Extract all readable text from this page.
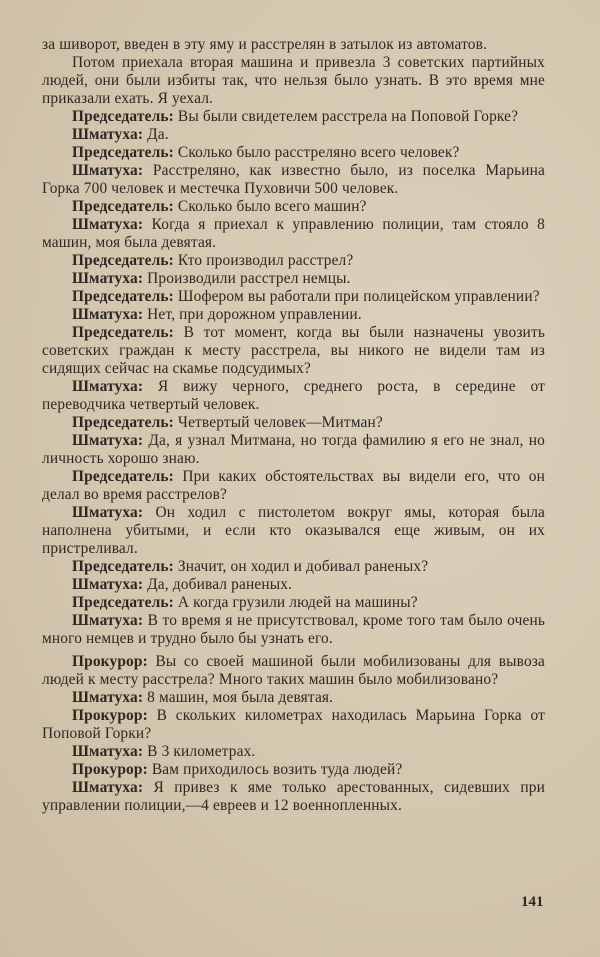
за шиворот, введен в эту яму и расстрелян в затылок из автоматов.

Потом приехала вторая машина и привезла 3 советских партийных людей, они были избиты так, что нельзя было узнать. В это время мне приказали ехать. Я уехал.

Председатель: Вы были свидетелем расстрела на Поповой Горке?

Шматуха: Да.

Председатель: Сколько было расстреляно всего человек?

Шматуха: Расстреляно, как известно было, из поселка Марьина Горка 700 человек и местечка Пуховичи 500 человек.

Председатель: Сколько было всего машин?

Шматуха: Когда я приехал к управлению полиции, там стояло 8 машин, моя была девятая.

Председатель: Кто производил расстрел?

Шматуха: Производили расстрел немцы.

Председатель: Шофером вы работали при полицейском управлении?

Шматуха: Нет, при дорожном управлении.

Председатель: В тот момент, когда вы были назначены увозить советских граждан к месту расстрела, вы никого не видели там из сидящих сейчас на скамье подсудимых?

Шматуха: Я вижу черного, среднего роста, в середине от переводчика четвертый человек.

Председатель: Четвертый человек—Митман?

Шматуха: Да, я узнал Митмана, но тогда фамилию я его не знал, но личность хорошо знаю.

Председатель: При каких обстоятельствах вы видели его, что он делал во время расстрелов?

Шматуха: Он ходил с пистолетом вокруг ямы, которая была наполнена убитыми, и если кто оказывался еще живым, он их пристреливал.

Председатель: Значит, он ходил и добивал раненых?

Шматуха: Да, добивал раненых.

Председатель: А когда грузили людей на машины?

Шматуха: В то время я не присутствовал, кроме того там было очень много немцев и трудно было бы узнать его.

Прокурор: Вы со своей машиной были мобилизованы для вывоза людей к месту расстрела? Много таких машин было мобилизовано?

Шматуха: 8 машин, моя была девятая.

Прокурор: В скольких километрах находилась Марьина Горка от Поповой Горки?

Шматуха: В 3 километрах.

Прокурор: Вам приходилось возить туда людей?

Шматуха: Я привез к яме только арестованных, сидевших при управлении полиции,—4 евреев и 12 военнопленных.

141
